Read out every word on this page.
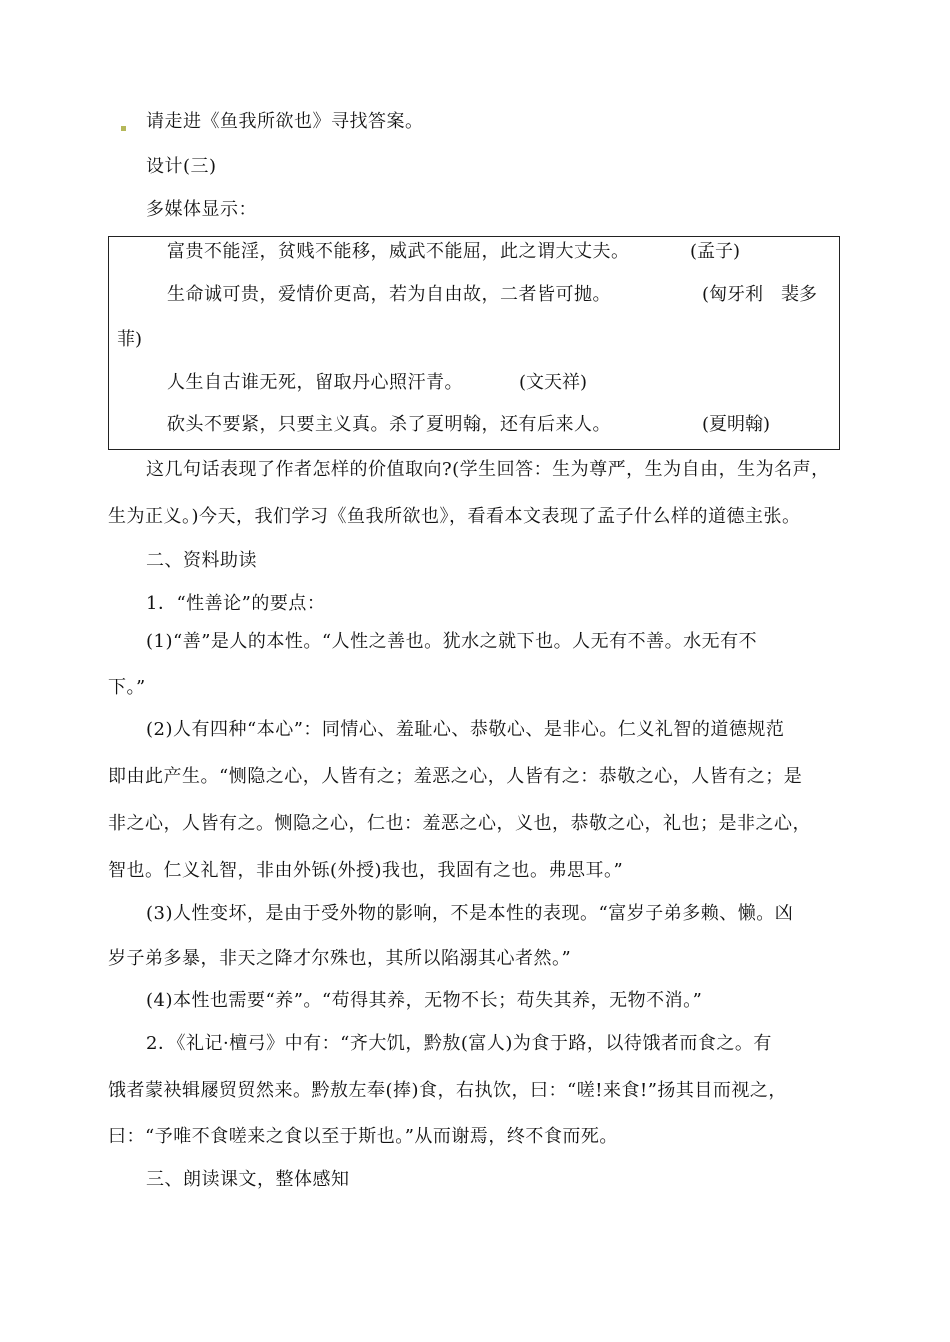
请走进《鱼我所欲也》寻找答案。
设计(三)
多媒体显示：
富贵不能淫，贫贱不能移，威武不能屈，此之谓大丈夫。	(孟子)
生命诚可贵，爱情价更高，若为自由故，二者皆可抛。	(匈牙利　裴多
菲)
人生自古谁无死，留取丹心照汗青。	(文天祥)
砍头不要紧，只要主义真。杀了夏明翰，还有后来人。	(夏明翰)
这几句话表现了作者怎样的价值取向?(学生回答：生为尊严，生为自由，生为名声，
生为正义。)今天，我们学习《鱼我所欲也》，看看本文表现了孟子什么样的道德主张。
二、资料助读
1．“性善论”的要点：
(1)“善”是人的本性。“人性之善也。犹水之就下也。人无有不善。水无有不
下。”
(2)人有四种“本心”：同情心、羞耻心、恭敬心、是非心。仁义礼智的道德规范
即由此产生。“恻隐之心，人皆有之；羞恶之心，人皆有之：恭敬之心，人皆有之；是
非之心，人皆有之。恻隐之心，仁也：羞恶之心，义也，恭敬之心，礼也；是非之心，
智也。仁义礼智，非由外铄(外授)我也，我固有之也。弗思耳。”
(3)人性变坏，是由于受外物的影响，不是本性的表现。“富岁子弟多赖、懒。凶
岁子弟多暴，非天之降才尔殊也，其所以陷溺其心者然。”
(4)本性也需要“养”。“苟得其养，无物不长；苟失其养，无物不消。”
2．《礼记·檀弓》中有：“齐大饥，黔敖(富人)为食于路，以待饿者而食之。有
饿者蒙袂辑屦贸贸然来。黔敖左奉(捧)食，右执饮，曰：“嗟!来食!”扬其目而视之，
曰：“予唯不食嗟来之食以至于斯也。”从而谢焉，终不食而死。
三、朗读课文，整体感知
